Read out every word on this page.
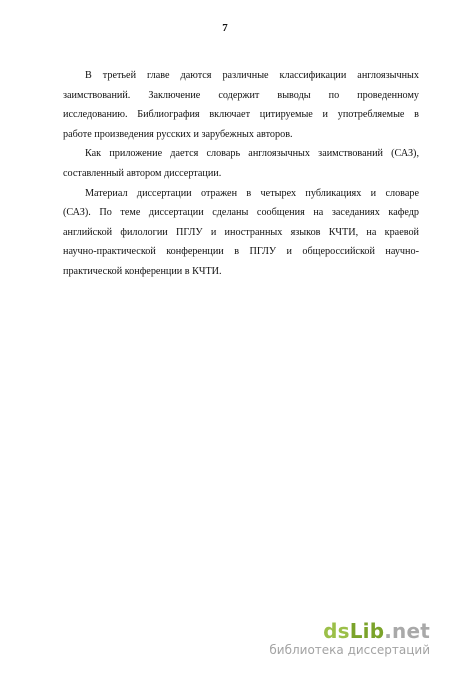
7
В третьей главе даются различные классификации англоязычных
заимствований. Заключение содержит выводы по проведенному
исследованию. Библиография включает цитируемые и употребляемые в
работе произведения русских и зарубежных авторов.
Как приложение дается словарь англоязычных заимствований (САЗ),
составленный автором диссертации.
Материал диссертации отражен в четырех публикациях и словаре
(САЗ). По теме диссертации сделаны сообщения на заседаниях кафедр
английской филологии ПГЛУ и иностранных языков КЧТИ, на краевой
научно-практической конференции в ПГЛУ и общероссийской научно-
практической конференции в КЧТИ.
dsLib.net
библиотека диссертаций
